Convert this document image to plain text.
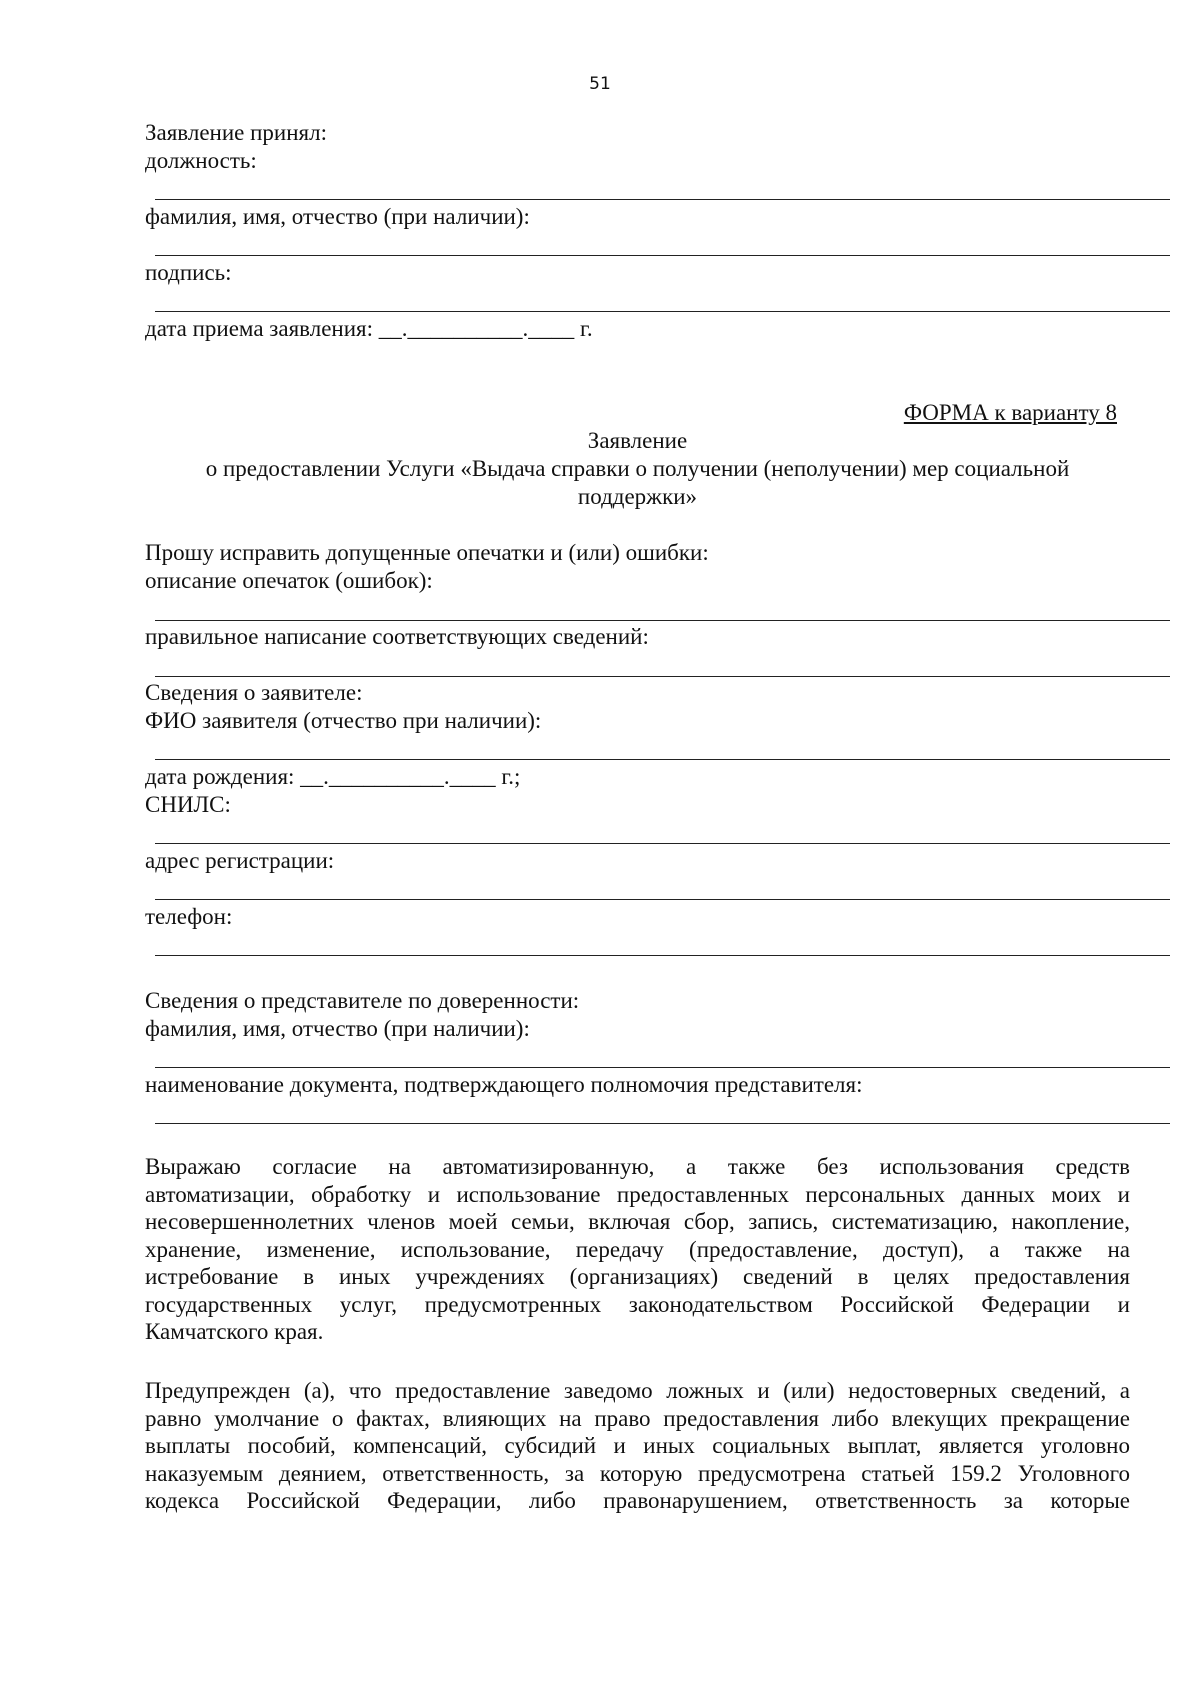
51
Заявление принял:
должность:
фамилия, имя, отчество (при наличии):
подпись:
дата приема заявления: __.__________.____ г.
ФОРМА к варианту 8
Заявление
о предоставлении Услуги «Выдача справки о получении (неполучении) мер социальной
поддержки»
Прошу исправить допущенные опечатки и (или) ошибки:
описание опечаток (ошибок):
правильное написание соответствующих сведений:
Сведения о заявителе:
ФИО заявителя (отчество при наличии):
дата рождения: __.__________.____ г.;
СНИЛС:
адрес регистрации:
телефон:
Сведения о представителе по доверенности:
фамилия, имя, отчество (при наличии):
наименование документа, подтверждающего полномочия представителя:
Выражаю согласие на автоматизированную, а также без использования средств
автоматизации, обработку и использование предоставленных персональных данных моих и
несовершеннолетних членов моей семьи, включая сбор, запись, систематизацию, накопление,
хранение, изменение, использование, передачу (предоставление, доступ), а также на
истребование в иных учреждениях (организациях) сведений в целях предоставления
государственных услуг, предусмотренных законодательством Российской Федерации и
Камчатского края.
Предупрежден (а), что предоставление заведомо ложных и (или) недостоверных сведений, а
равно умолчание о фактах, влияющих на право предоставления либо влекущих прекращение
выплаты пособий, компенсаций, субсидий и иных социальных выплат, является уголовно
наказуемым деянием, ответственность, за которую предусмотрена статьей 159.2 Уголовного
кодекса Российской Федерации, либо правонарушением, ответственность за которые
